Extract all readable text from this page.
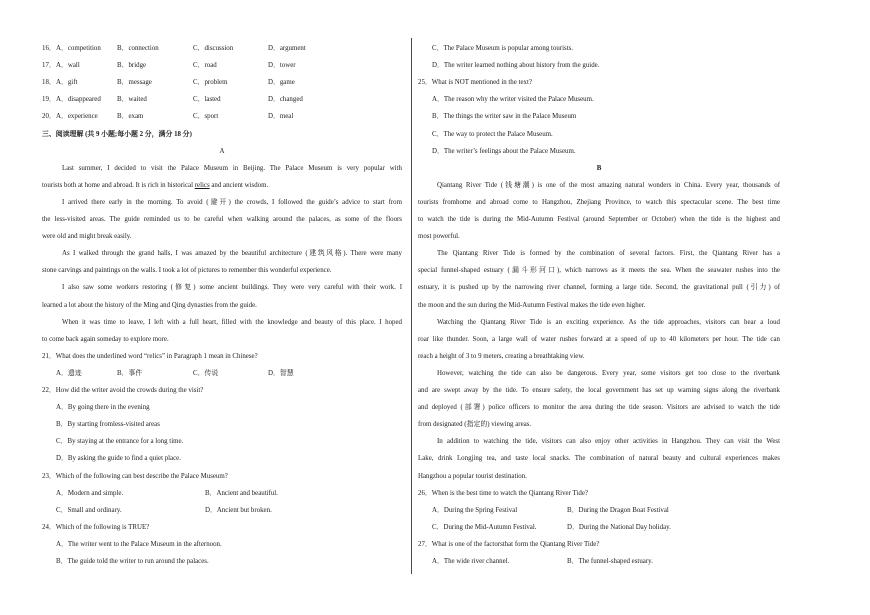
16． A．competition B．connection	C．discussion	D．argument
17． A．wall	B．bridge	C．road	D．tower
18． A．gift	B．message	C．problem	D．game
19． A．disappeared B．waited	C．lasted	D．changed
20． A．experience	B．exam	C．sport	D．meal
三、阅读理解 (共 9 小题;每小题 2 分，满分 18 分)
A
Last summer, I decided to visit the Palace Museum in Beijing. The Palace Museum is very popular with
tourists both at home and abroad. It is rich in historical relics and ancient wisdom.
I arrived there early in the morning. To avoid (避开) the crowds, I followed the guide’s advice to start from
the less-visited areas. The guide reminded us to be careful when walking around the palaces, as some of the floors
were old and might break easily.
As I walked through the grand halls, I was amazed by the beautiful architecture (建筑风格). There were many
stone carvings and paintings on the walls. I took a lot of pictures to remember this wonderful experience.
I also saw some workers restoring (修复) some ancient buildings. They were very careful with their work. I
learned a lot about the history of the Ming and Qing dynasties from the guide.
When it was time to leave, I left with a full heart, filled with the knowledge and beauty of this place. I hoped
to come back again someday to explore more.
21．What does the underlined word “relics” in Paragraph 1 mean in Chinese?
A．遗迹	B．事件	C．传说	D．智慧
22．How did the writer avoid the crowds during the visit?
A．By going there in the evening
B．By starting fromless-visited areas
C．By staying at the entrance for a long time.
D．By asking the guide to find a quiet place.
23．Which of the following can best describe the Palace Museum?
A．Modern and simple.	B．Ancient and beautiful.
C．Small and ordinary.	D．Ancient but broken.
24．Which of the following is TRUE?
A．The writer went to the Palace Museum in the afternoon.
B．The guide told the writer to run around the palaces.
C．The Palace Museum is popular among tourists.
D．The writer learned nothing about history from the guide.
25．What is NOT mentioned in the text?
A．The reason why the writer visited the Palace Museum.
B．The things the writer saw in the Palace Museum
C．The way to protect the Palace Museum.
D．The writer’s feelings about the Palace Museum.
B
Qiantang River Tide (钱塘潮) is one of the most amazing natural wonders in China. Every year, thousands of
tourists fromhome and abroad come to Hangzhou, Zhejiang Province, to watch this spectacular scene. The best time
to watch the tide is during the Mid-Autumn Festival (around September or October) when the tide is the highest and
most powerful.
The Qiantang River Tide is formed by the combination of several factors. First, the Qiantang River has a
special funnel-shaped estuary (漏斗形河口), which narrows as it meets the sea. When the seawater rushes into the
estuary, it is pushed up by the narrowing river channel, forming a large tide. Second, the gravitational pull (引力) of
the moon and the sun during the Mid-Autumn Festival makes the tide even higher.
Watching the Qiantang River Tide is an exciting experience. As the tide approaches, visitors can hear a loud
roar like thunder. Soon, a large wall of water rushes forward at a speed of up to 40 kilometers per hour. The tide can
reach a height of 3 to 9 meters, creating a breathtaking view.
However, watching the tide can also be dangerous. Every year, some visitors get too close to the riverbank
and are swept away by the tide. To ensure safety, the local government has set up warning signs along the riverbank
and deployed (部署) police officers to monitor the area during the tide season. Visitors are advised to watch the tide
from designated (指定的) viewing areas.
In addition to watching the tide, visitors can also enjoy other activities in Hangzhou. They can visit the West
Lake, drink Longjing tea, and taste local snacks. The combination of natural beauty and cultural experiences makes
Hangzhou a popular tourist destination.
26．When is the best time to watch the Qiantang River Tide?
A．During the Spring Festival	B．During the Dragon Boat Festival
C．During the Mid-Autumn Festival.	D．During the National Day holiday.
27．What is one of the factorsthat form the Qiantang River Tide?
A．The wide river channel.	B．The funnel-shaped estuary.
